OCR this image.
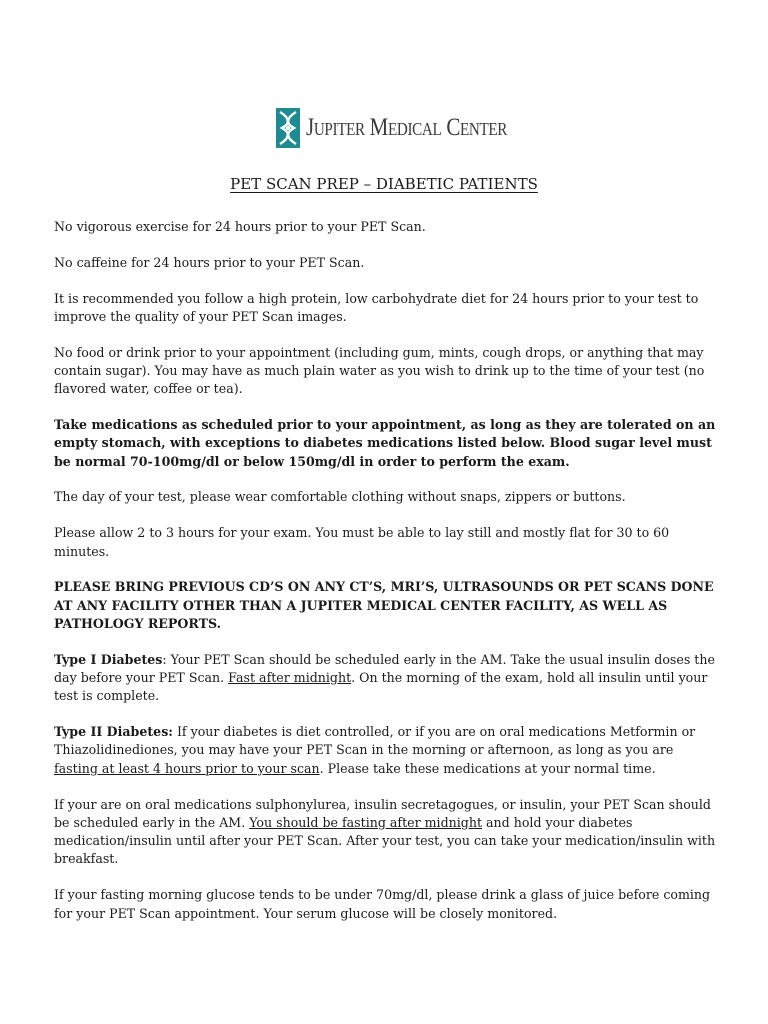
Jupiter Medical Center
PET SCAN PREP – DIABETIC PATIENTS

No vigorous exercise for 24 hours prior to your PET Scan.

No caffeine for 24 hours prior to your PET Scan.

It is recommended you follow a high protein, low carbohydrate diet for 24 hours prior to your test to improve the quality of your PET Scan images.

No food or drink prior to your appointment (including gum, mints, cough drops, or anything that may contain sugar). You may have as much plain water as you wish to drink up to the time of your test (no flavored water, coffee or tea).

Take medications as scheduled prior to your appointment, as long as they are tolerated on an empty stomach, with exceptions to diabetes medications listed below. Blood sugar level must be normal 70-100mg/dl or below 150mg/dl in order to perform the exam.

The day of your test, please wear comfortable clothing without snaps, zippers or buttons.

Please allow 2 to 3 hours for your exam. You must be able to lay still and mostly flat for 30 to 60 minutes.

PLEASE BRING PREVIOUS CD’S ON ANY CT’S, MRI’S, ULTRASOUNDS OR PET SCANS DONE AT ANY FACILITY OTHER THAN A JUPITER MEDICAL CENTER FACILITY, AS WELL AS PATHOLOGY REPORTS.

Type I Diabetes: Your PET Scan should be scheduled early in the AM. Take the usual insulin doses the day before your PET Scan. Fast after midnight. On the morning of the exam, hold all insulin until your test is complete.

Type II Diabetes: If your diabetes is diet controlled, or if you are on oral medications Metformin or Thiazolidinediones, you may have your PET Scan in the morning or afternoon, as long as you are fasting at least 4 hours prior to your scan. Please take these medications at your normal time.

If your are on oral medications sulphonylurea, insulin secretagogues, or insulin, your PET Scan should be scheduled early in the AM. You should be fasting after midnight and hold your diabetes medication/insulin until after your PET Scan. After your test, you can take your medication/insulin with breakfast.

If your fasting morning glucose tends to be under 70mg/dl, please drink a glass of juice before coming for your PET Scan appointment. Your serum glucose will be closely monitored.
